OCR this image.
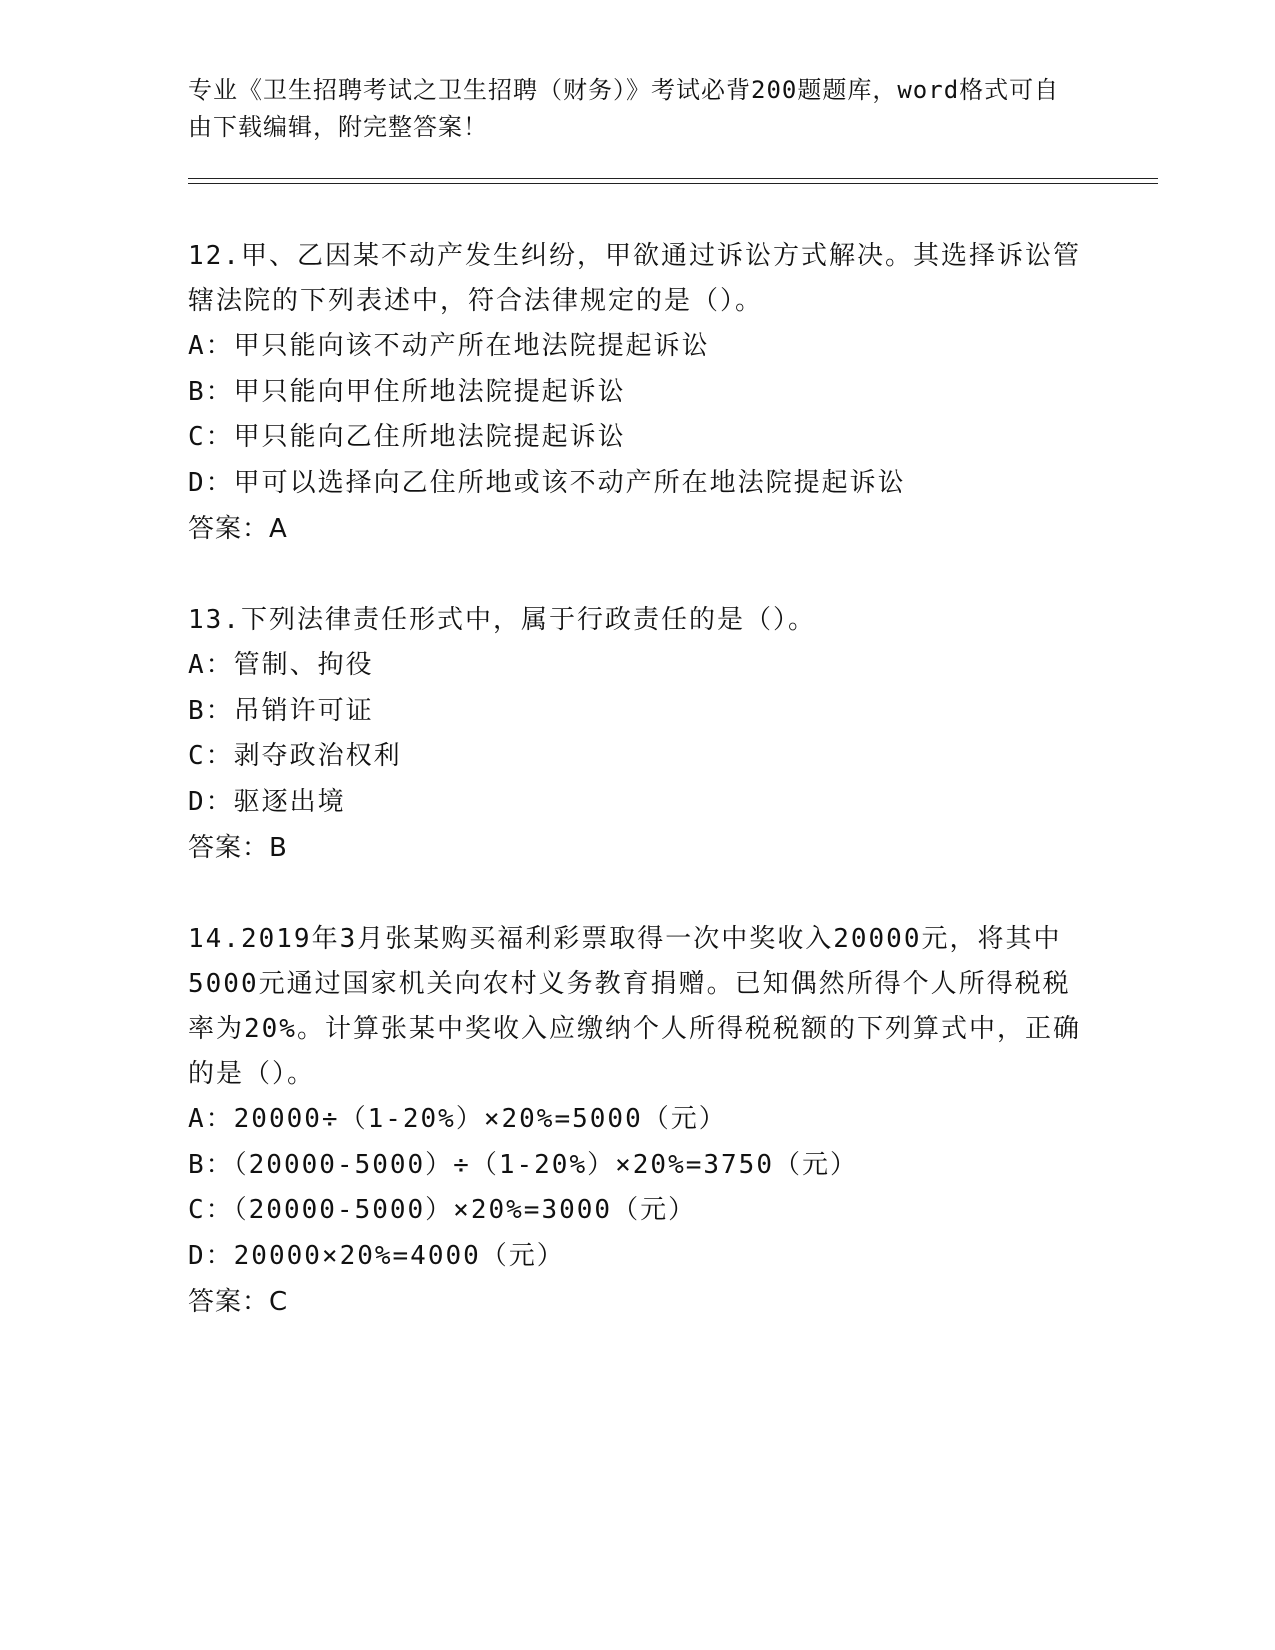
专业《卫生招聘考试之卫生招聘（财务）》考试必背200题题库，word格式可自由下载编辑，附完整答案！

12.甲、乙因某不动产发生纠纷，甲欲通过诉讼方式解决。其选择诉讼管辖法院的下列表述中，符合法律规定的是（）。

A：甲只能向该不动产所在地法院提起诉讼

B：甲只能向甲住所地法院提起诉讼

C：甲只能向乙住所地法院提起诉讼

D：甲可以选择向乙住所地或该不动产所在地法院提起诉讼

答案：A

13.下列法律责任形式中，属于行政责任的是（）。

A：管制、拘役

B：吊销许可证

C：剥夺政治权利

D：驱逐出境

答案：B

14.2019年3月张某购买福利彩票取得一次中奖收入20000元，将其中5000元通过国家机关向农村义务教育捐赠。已知偶然所得个人所得税税率为20%。计算张某中奖收入应缴纳个人所得税税额的下列算式中，正确的是（）。

A：20000÷（1-20%）×20%=5000（元）

B：（20000-5000）÷（1-20%）×20%=3750（元）

C：（20000-5000）×20%=3000（元）

D：20000×20%=4000（元）

答案：C
